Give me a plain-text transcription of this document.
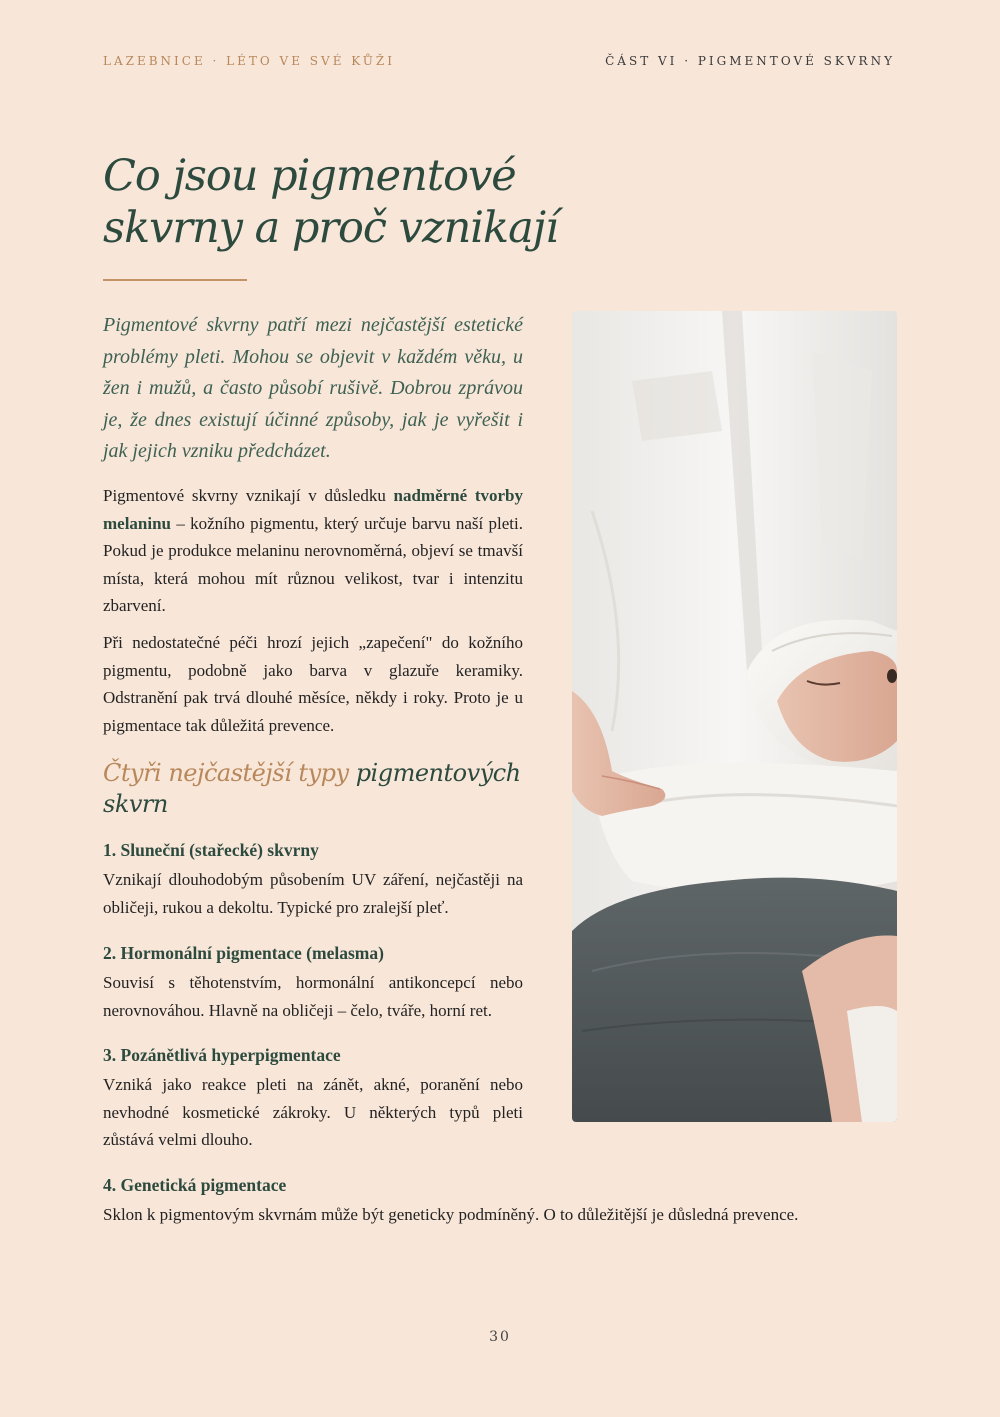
LAZEBNICE · LÉTO VE SVÉ KŮŽI	ČÁST VI · PIGMENTOVÉ SKVRNY
Co jsou pigmentové
skvrny a proč vznikají

Pigmentové skvrny patří mezi nejčastější estetické problémy pleti. Mohou se objevit v každém věku, u žen i mužů, a často působí rušivě. Dobrou zprávou je, že dnes existují účinné způsoby, jak je vyřešit i jak jejich vzniku předcházet.

Pigmentové skvrny vznikají v důsledku nadměrné tvorby melaninu – kožního pigmentu, který určuje barvu naší pleti. Pokud je produkce melaninu nerovnoměrná, objeví se tmavší místa, která mohou mít různou velikost, tvar i intenzitu zbarvení.

Při nedostatečné péči hrozí jejich „zapečení" do kožního pigmentu, podobně jako barva v glazuře keramiky. Odstranění pak trvá dlouhé měsíce, někdy i roky. Proto je u pigmentace tak důležitá prevence.

Čtyři nejčastější typy pigmentových skvrn
1. Sluneční (stařecké) skvrny

Vznikají dlouhodobým působením UV záření, nejčastěji na obličeji, rukou a dekoltu. Typické pro zralejší pleť.

2. Hormonální pigmentace (melasma)

Souvisí s těhotenstvím, hormonální antikoncepcí nebo nerovnováhou. Hlavně na obličeji – čelo, tváře, horní ret.

3. Pozánětlivá hyperpigmentace

Vzniká jako reakce pleti na zánět, akné, poranění nebo nevhodné kosmetické zákroky. U některých typů pleti zůstává velmi dlouho.

4. Genetická pigmentace

Sklon k pigmentovým skvrnám může být geneticky podmíněný. O to důležitější je důsledná prevence.

30
